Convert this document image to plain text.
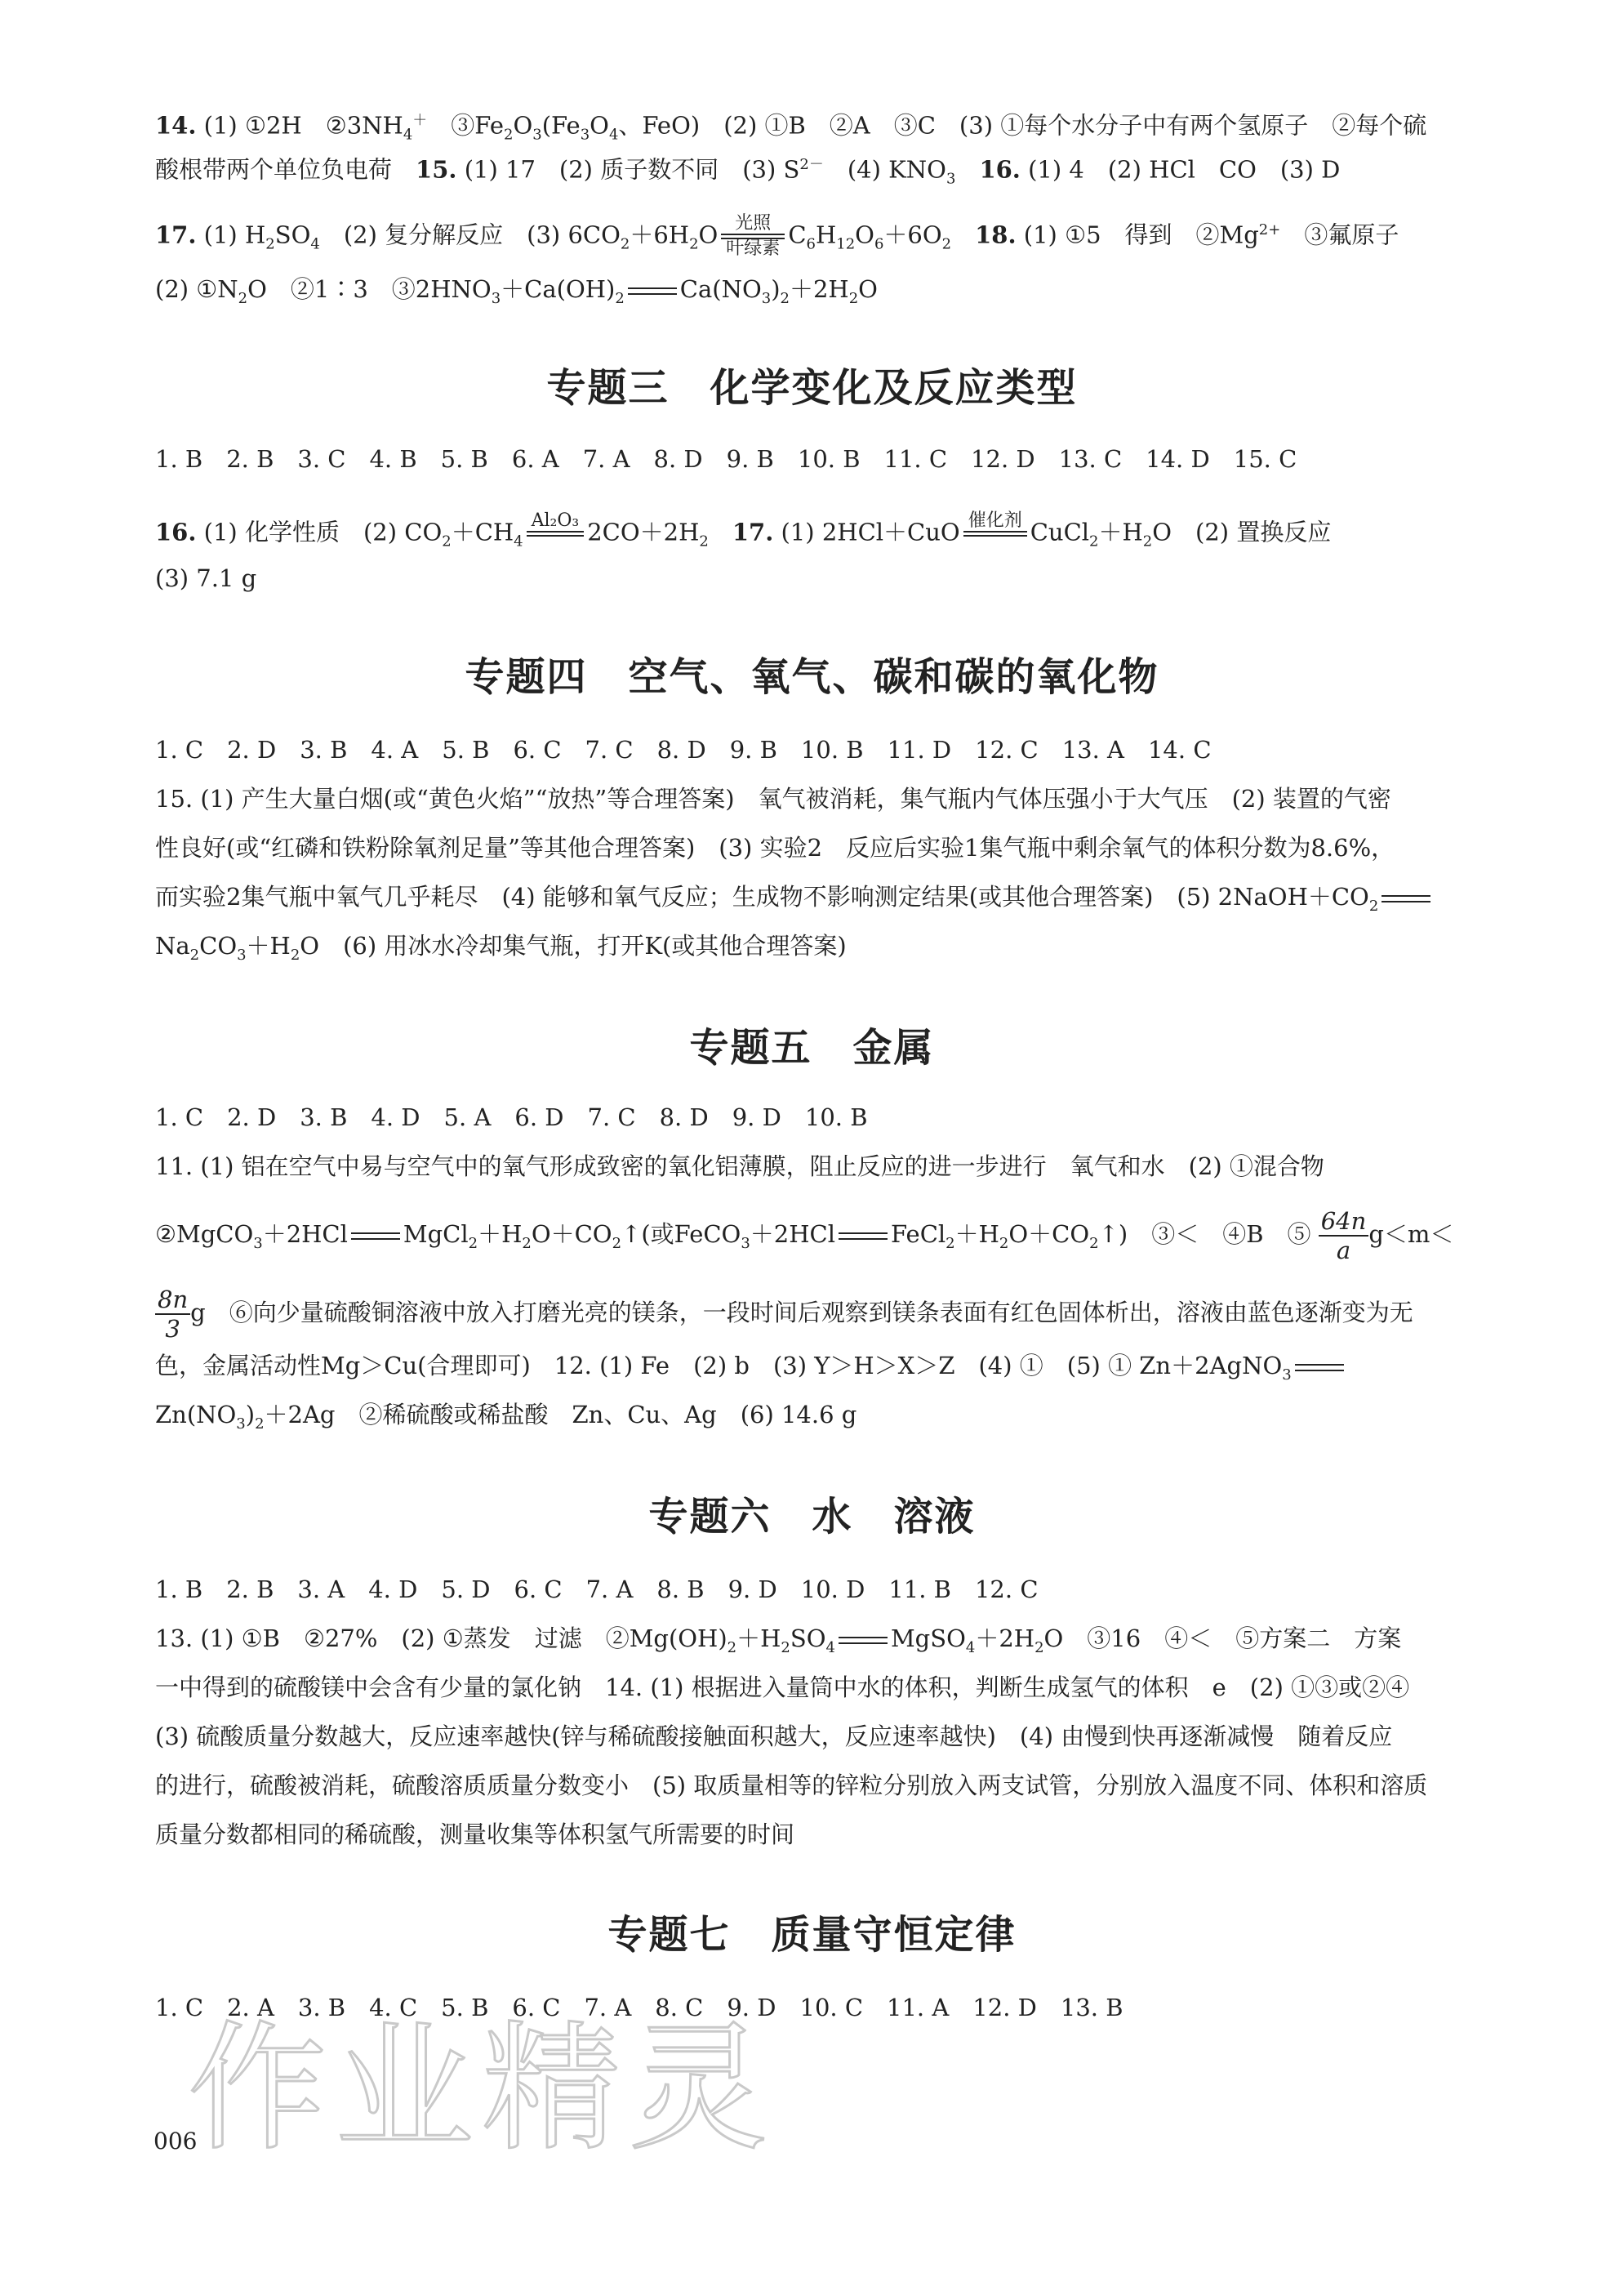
14. (1) ①2H　$②3NH_4^+$　 $③Fe_2O_3(Fe_3O_4$、FeO)　(2) ①B　②A　③C　(3) ①每个水分子中有两个氢原子　②每个硫
酸根带两个单位负电荷　 15. (1) 17　(2) 质子数不同　(3) $S^{2-}$　 (4) $KNO_3$　 16. (1) 4　(2) HCl　CO　(3) D
17. (1) $H_2SO_4$　 (2) 复分解反应　(3) $6CO_2+6H_2O$ 光照
叶绿素 $C_6H_{12}O_6+6O_2$　 18. (1) ①5　得到　$②Mg^{2+}$　 ③氟原子
(2) $①N_2O$　②1∶3　$③2HNO_3+Ca(OH)_2$ $Ca(NO_3)_2+2H_2O$
专题三　化学变化及反应类型
1. B　2. B　3. C　4. B　5. B　6. A　7. A　8. D　9. B　10. B　11. C　12. D　13. C　14. D　15. C
16. (1) 化学性质　(2) $CO_2+CH_4$
Al₂O₃
$2CO+2H_2$　 17. (1) 2HCl＋CuO 催化剂
$CuCl_2+H_2O$　(2) 置换反应
(3) 7.1 g
专题四　空气、氧气、碳和碳的氧化物
1. C　2. D　3. B　4. A　5. B　6. C　7. C　8. D　9. B　10. B　11. D　12. C　13. A　14. C
15. (1) 产生大量白烟(或“黄色火焰”“放热”等合理答案)　氧气被消耗，集气瓶内气体压强小于大气压　(2) 装置的气密
性良好(或“红磷和铁粉除氧剂足量”等其他合理答案)　(3) 实验2　反应后实验1集气瓶中剩余氧气的体积分数为8.6%，
而实验2集气瓶中氧气几乎耗尽　(4) 能够和氧气反应；生成物不影响测定结果(或其他合理答案)　(5) $2NaOH+CO_2$
$Na_2CO_3+H_2O$　(6) 用冰水冷却集气瓶，打开K(或其他合理答案)
专题五　金属
1. C　2. D　3. B　4. D　5. A　6. D　7. C　8. D　9. D　10. B
11. (1) 铝在空气中易与空气中的氧气形成致密的氧化铝薄膜，阻止反应的进一步进行　氧气和水　(2) ①混合物
②MgCO$_3$＋2HCl $MgCl_2+H_2O+CO_2↑$(或FeCO$_3$＋2HCl $FeCl_2+H_2O+CO_2↑$)　③＜　④B　⑤ $\frac{64n}{a} g<m<$
$\frac{8n}{3}$ g　⑥向少量硫酸铜溶液中放入打磨光亮的镁条，一段时间后观察到镁条表面有红色固体析出，溶液由蓝色逐渐变为无
色，金属活动性Mg＞Cu(合理即可)　12. (1) Fe　(2) b　(3) Y＞H＞X＞Z　(4) ①　(5) ① Zn＋2AgNO$_3$
$Zn(NO_3)_2+2Ag$　②稀硫酸或稀盐酸　Zn、Cu、Ag　(6) 14.6 g
专题六　水　溶液
1. B　2. B　3. A　4. D　5. D　6. C　7. A　8. B　9. D　10. D　11. B　12. C
13. (1) ①B　②27%　(2) ①蒸发　过滤　$②Mg(OH)_2+H_2SO_4$ $MgSO_4+2H_2O$　③16　④＜　⑤方案二　方案
一中得到的硫酸镁中会含有少量的氯化钠　14. (1) 根据进入量筒中水的体积，判断生成氢气的体积　e　(2) ①③或②④
(3) 硫酸质量分数越大，反应速率越快(锌与稀硫酸接触面积越大，反应速率越快)　(4) 由慢到快再逐渐减慢　随着反应
的进行，硫酸被消耗，硫酸溶质质量分数变小　(5) 取质量相等的锌粒分别放入两支试管，分别放入温度不同、体积和溶质
质量分数都相同的稀硫酸，测量收集等体积氢气所需要的时间
专题七　质量守恒定律
1. C　2. A　3. B　4. C　5. B　6. C　7. A　8. C　9. D　10. C　11. A　12. D　13. B
006
作业精灵
